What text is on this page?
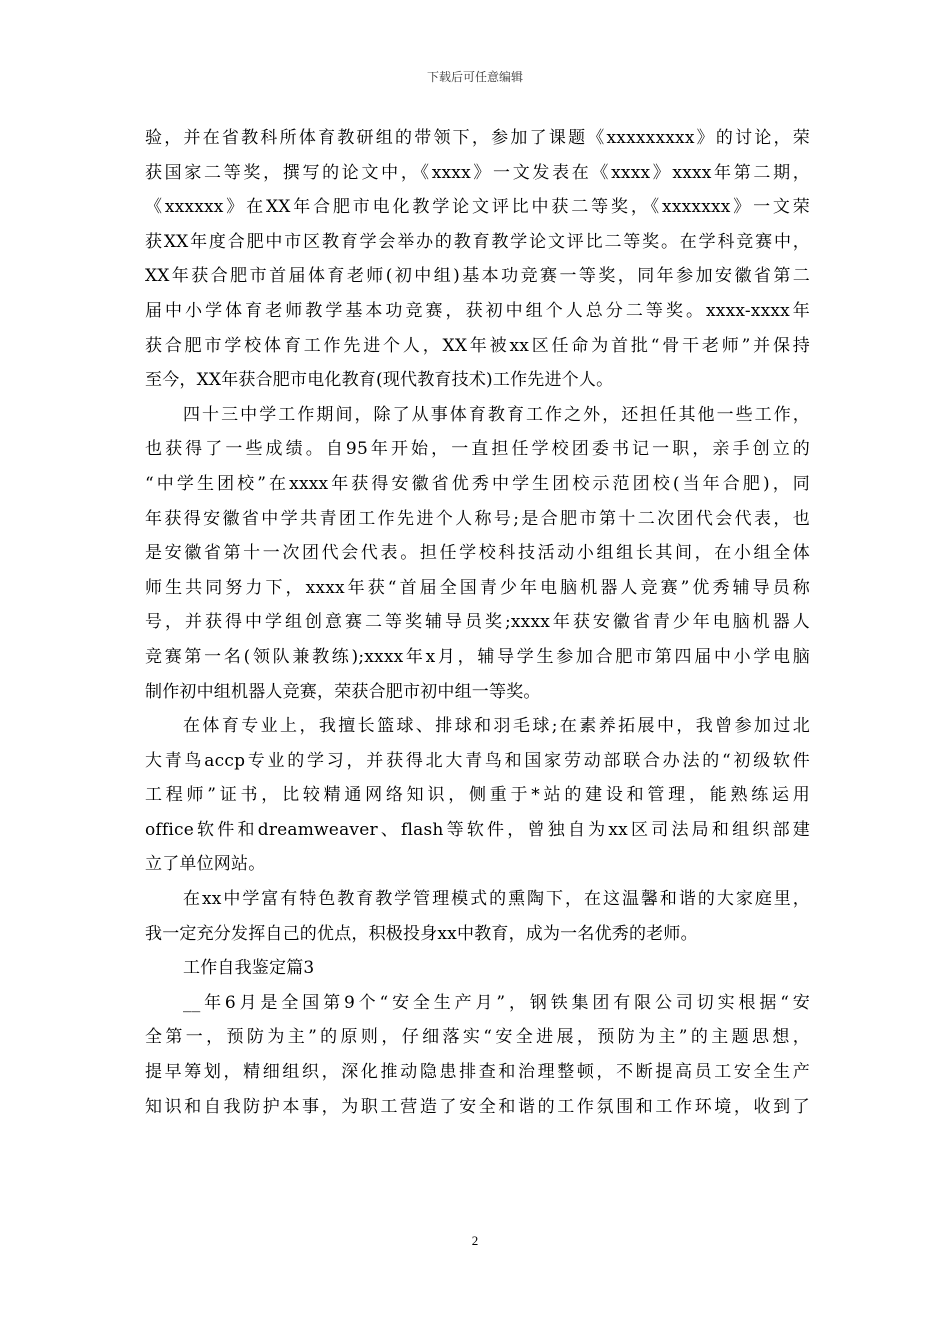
下载后可任意编辑
验，并在省教科所体育教研组的带领下，参加了课题《xxxxxxxxx》的讨论，荣
获国家二等奖，撰写的论文中，《xxxx》一文发表在《xxxx》xxxx年第二期，
《xxxxxx》在XX年合肥市电化教学论文评比中获二等奖，《xxxxxxx》一文荣
获XX年度合肥中市区教育学会举办的教育教学论文评比二等奖。在学科竞赛中，
XX年获合肥市首届体育老师(初中组)基本功竞赛一等奖，同年参加安徽省第二
届中小学体育老师教学基本功竞赛，获初中组个人总分二等奖。xxxx-xxxx年
获合肥市学校体育工作先进个人，XX年被xx区任命为首批“骨干老师”并保持
至今，XX年获合肥市电化教育(现代教育技术)工作先进个人。
四十三中学工作期间，除了从事体育教育工作之外，还担任其他一些工作，
也获得了一些成绩。自95年开始，一直担任学校团委书记一职，亲手创立的
“中学生团校”在xxxx年获得安徽省优秀中学生团校示范团校(当年合肥)，同
年获得安徽省中学共青团工作先进个人称号;是合肥市第十二次团代会代表，也
是安徽省第十一次团代会代表。担任学校科技活动小组组长其间，在小组全体
师生共同努力下，xxxx年获“首届全国青少年电脑机器人竞赛”优秀辅导员称
号，并获得中学组创意赛二等奖辅导员奖;xxxx年获安徽省青少年电脑机器人
竞赛第一名(领队兼教练);xxxx年x月，辅导学生参加合肥市第四届中小学电脑
制作初中组机器人竞赛，荣获合肥市初中组一等奖。
在体育专业上，我擅长篮球、排球和羽毛球;在素养拓展中，我曾参加过北
大青鸟accp专业的学习，并获得北大青鸟和国家劳动部联合办法的“初级软件
工程师”证书，比较精通网络知识，侧重于*站的建设和管理，能熟练运用
office软件和dreamweaver、flash等软件，曾独自为xx区司法局和组织部建
立了单位网站。
在xx中学富有特色教育教学管理模式的熏陶下，在这温馨和谐的大家庭里，
我一定充分发挥自己的优点，积极投身xx中教育，成为一名优秀的老师。
工作自我鉴定篇3
__年6月是全国第9个“安全生产月”，钢铁集团有限公司切实根据“安
全第一，预防为主”的原则，仔细落实“安全进展，预防为主”的主题思想，
提早筹划，精细组织，深化推动隐患排查和治理整顿，不断提高员工安全生产
知识和自我防护本事，为职工营造了安全和谐的工作氛围和工作环境，收到了
2
